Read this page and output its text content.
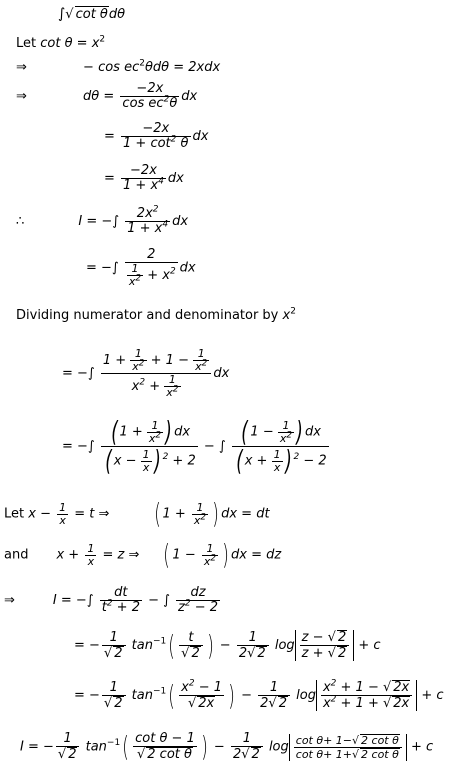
∫√ cot θdθ
Let $\cot \theta = x^2$
⇒	− $\cos ec^2\theta d\theta = 2xdx$
⇒	$d\theta = \frac{-2x}{\cos ec^2\theta}$ dx
= $\frac{-2x}{1 + \cot^2 \theta}$ dx
= $\frac{-2x}{1 + x^4}$ dx
∴	I = −∫ $\frac{2x^2}{1 + x^4}$ dx
= −∫ $\frac{2}{\frac{1}{x^2} + x^2}$ dx
Dividing numerator and denominator by $x^2$
= −∫ $\frac{1 + \frac{1}{x^2} + 1 - \frac{1}{x^2}}{x^2 + \frac{1}{x^2}}$ dx
= −∫ $\frac{( 1 + \frac{1}{x^2} ) dx}{( x - \frac{1}{x} ) ^2 + 2}$ − ∫ $\frac{( 1 - \frac{1}{x^2} ) dx}{( x + \frac{1}{x} ) ^2 - 2}$
Let $x - \frac{1}{x} = t$ ⇒ ( $1 + \frac{1}{x^2}$ ) dx = dt
and $x + \frac{1}{x} = z$ ⇒ ( $1 - \frac{1}{x^2}$ ) dx = dz
⇒	I = −∫ $\frac{dt}{t^2 + 2}$ − ∫ $\frac{dz}{z^2 - 2}$
= − $\frac{1}{√ 2} \tan^{-1}( \frac{t}{√ 2}$ ) − $\frac{1}{2√ 2}$ $\log \frac{z - √ 2}{z + √ 2} + c$
= − $\frac{1}{√ 2} \tan^{-1}( \frac{x^2 - 1}{√ 2x}$ ) − $\frac{1}{2√ 2}$ $\log \frac{x^2 + 1 - √ 2x}{x^2 + 1 + √ 2x} + c$
I = − $\frac{1}{√ 2} \tan^{-1}( \frac{\text{cot θ − 1}}{\text{√ 2 cot θ}}$ ) − $\frac{1}{2√ 2}$ $\log \frac{\text{cot θ+ 1−√ 2 cot θ}}{\text{cot θ+ 1+√ 2 cot θ}} + c$
